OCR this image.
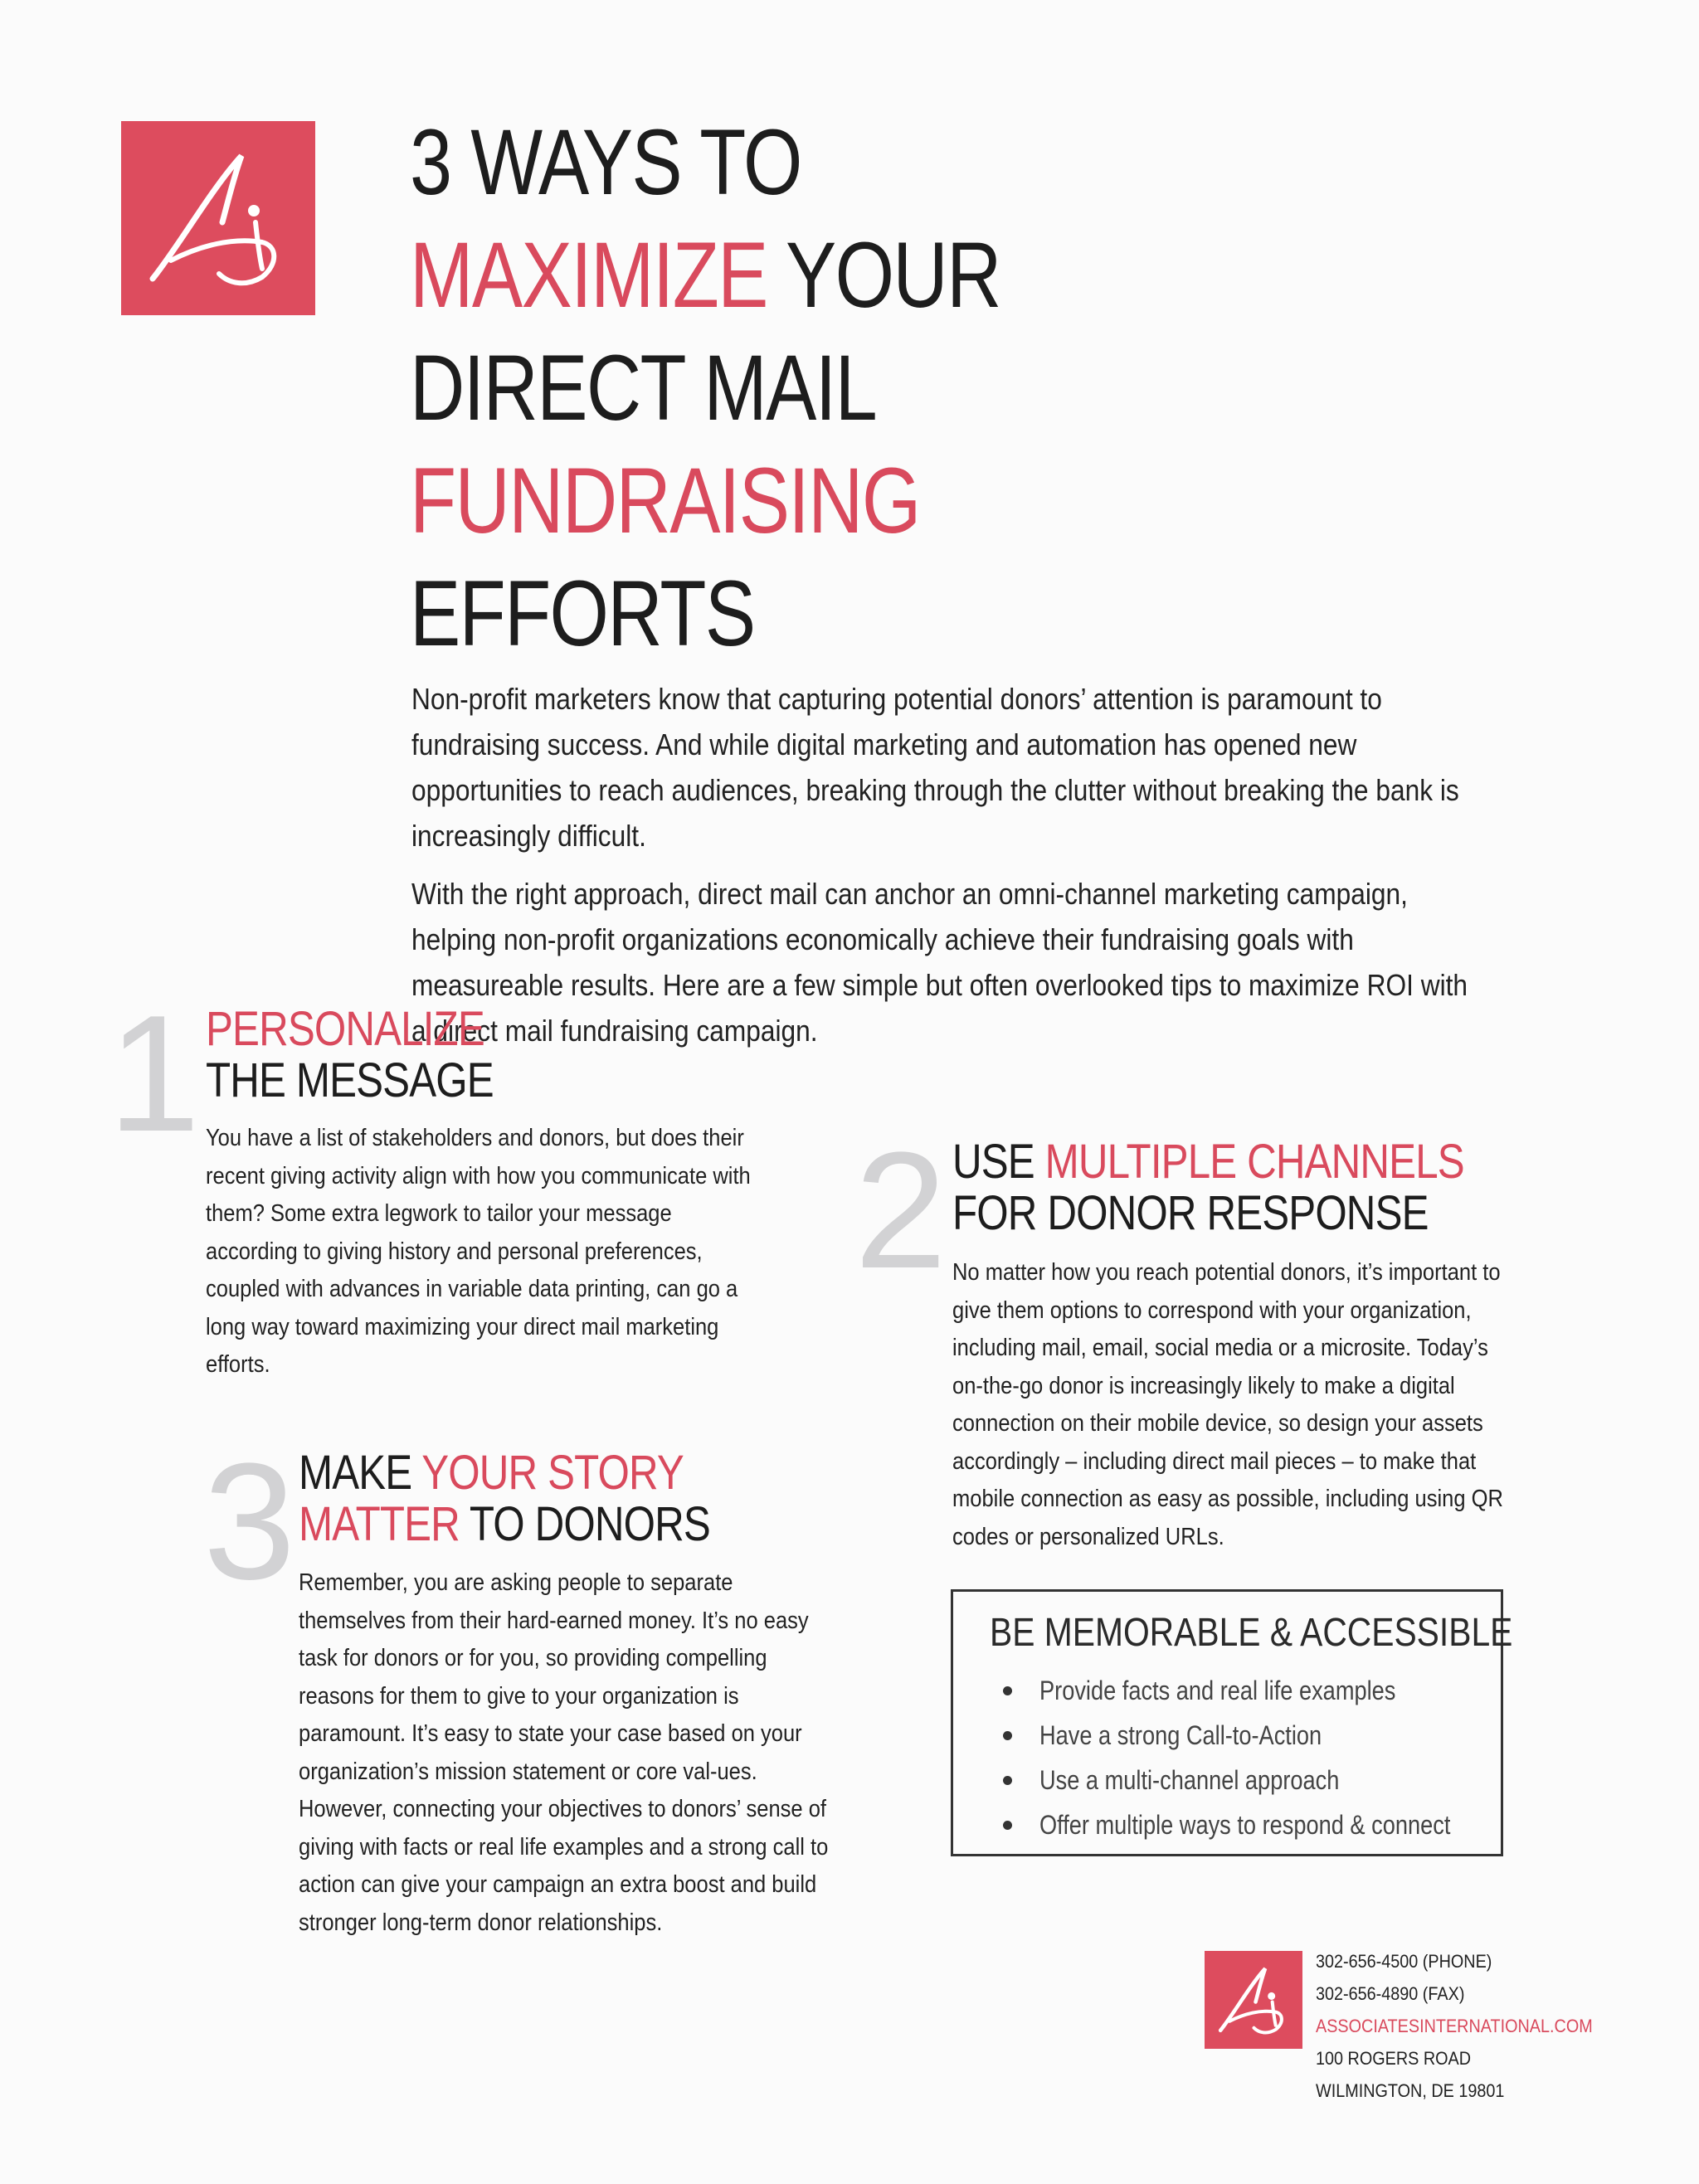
3 WAYS TO
MAXIMIZE YOUR
DIRECT MAIL
FUNDRAISING
EFFORTS

Non-profit marketers know that capturing potential donors’ attention is paramount to fundraising success. And while digital marketing and automation has opened new opportunities to reach audiences, breaking through the clutter without breaking the bank is increasingly difficult.

With the right approach, direct mail can anchor an omni-channel marketing campaign, helping non-profit organizations economically achieve their fundraising goals with measureable results. Here are a few simple but often overlooked tips to maximize ROI with a direct mail fundraising campaign.

1 PERSONALIZE
THE MESSAGE

You have a list of stakeholders and donors, but does their recent giving activity align with how you communicate with them? Some extra legwork to tailor your message according to giving history and personal preferences, coupled with advances in variable data printing, can go a long way toward maximizing your direct mail marketing efforts.

2 USE MULTIPLE CHANNELS
FOR DONOR RESPONSE

No matter how you reach potential donors, it’s important to give them options to correspond with your organization, including mail, email, social media or a microsite. Today’s on-the-go donor is increasingly likely to make a digital connection on their mobile device, so design your assets accordingly – including direct mail pieces – to make that mobile connection as easy as possible, including using QR codes or personalized URLs.

3 MAKE YOUR STORY
MATTER TO DONORS

Remember, you are asking people to separate themselves from their hard-earned money. It’s no easy task for donors or for you, so providing compelling reasons for them to give to your organization is paramount. It’s easy to state your case based on your organization’s mission statement or core val-ues. However, connecting your objectives to donors’ sense of giving with facts or real life examples and a strong call to action can give your campaign an extra boost and build stronger long-term donor relationships.

BE MEMORABLE & ACCESSIBLE
Provide facts and real life examples
Have a strong Call-to-Action
Use a multi-channel approach
Offer multiple ways to respond & connect
302-656-4500 (PHONE)
302-656-4890 (FAX)
ASSOCIATESINTERNATIONAL.COM
100 ROGERS ROAD
WILMINGTON, DE 19801
